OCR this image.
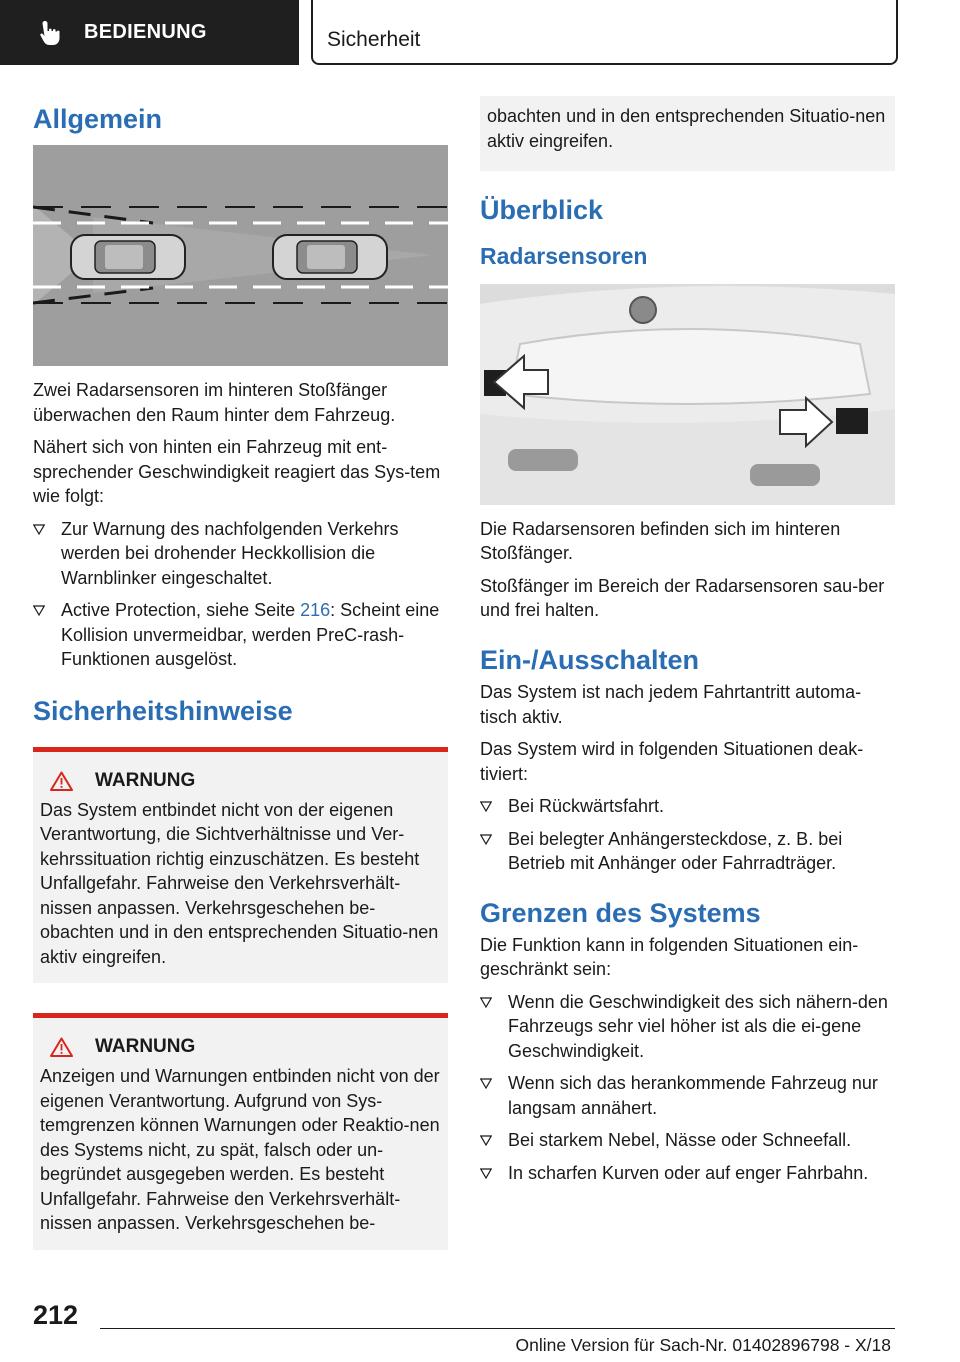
BEDIENUNG	Sicherheit
Allgemein

Zwei Radarsensoren im hinteren Stoßfänger überwachen den Raum hinter dem Fahrzeug.

Nähert sich von hinten ein Fahrzeug mit ent-sprechender Geschwindigkeit reagiert das Sys-tem wie folgt:

Zur Warnung des nachfolgenden Verkehrs werden bei drohender Heckkollision die Warnblinker eingeschaltet.
Active Protection, siehe Seite 216: Scheint eine Kollision unvermeidbar, werden PreC-rash-Funktionen ausgelöst.
Sicherheitshinweise
WARNUNG

Das System entbindet nicht von der eigenen Verantwortung, die Sichtverhältnisse und Ver-kehrssituation richtig einzuschätzen. Es besteht Unfallgefahr. Fahrweise den Verkehrsverhält-nissen anpassen. Verkehrsgeschehen be-obachten und in den entsprechenden Situatio-nen aktiv eingreifen.

WARNUNG

Anzeigen und Warnungen entbinden nicht von der eigenen Verantwortung. Aufgrund von Sys-temgrenzen können Warnungen oder Reaktio-nen des Systems nicht, zu spät, falsch oder un-begründet ausgegeben werden. Es besteht Unfallgefahr. Fahrweise den Verkehrsverhält-nissen anpassen. Verkehrsgeschehen be-

obachten und in den entsprechenden Situatio-nen aktiv eingreifen.

Überblick
Radarsensoren

Die Radarsensoren befinden sich im hinteren Stoßfänger.

Stoßfänger im Bereich der Radarsensoren sau-ber und frei halten.

Ein-/Ausschalten

Das System ist nach jedem Fahrtantritt automa-tisch aktiv.

Das System wird in folgenden Situationen deak-tiviert:

Bei Rückwärtsfahrt.
Bei belegter Anhängersteckdose, z. B. bei Betrieb mit Anhänger oder Fahrradträger.
Grenzen des Systems

Die Funktion kann in folgenden Situationen ein-geschränkt sein:

Wenn die Geschwindigkeit des sich nähern-den Fahrzeugs sehr viel höher ist als die ei-gene Geschwindigkeit.
Wenn sich das herankommende Fahrzeug nur langsam annähert.
Bei starkem Nebel, Nässe oder Schneefall.
In scharfen Kurven oder auf enger Fahrbahn.
212
Online Version für Sach-Nr. 01402896798 - X/18
